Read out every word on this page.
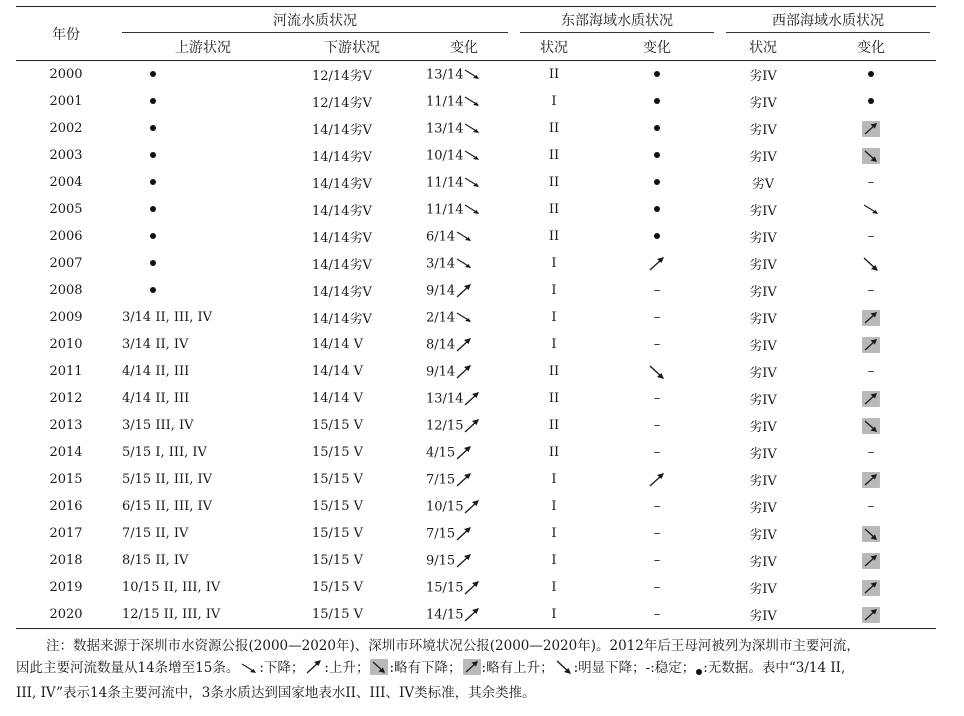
年份	河流水质状况			东部海域水质状况		西部海域水质状况	
	上游状况	下游状况	变化	状况	变化	状况	变化
2000		12/14劣V	13/14	II		劣IV	
2001		12/14劣V	11/14	I		劣IV	
2002		14/14劣V	13/14	II		劣IV	

2003		14/14劣V	10/14	II		劣IV	

2004		14/14劣V	11/14	II		劣V	–
2005		14/14劣V	11/14	II		劣IV	

2006		14/14劣V	6/14	II		劣IV	–
2007		14/14劣V	3/14	I		劣IV	

2008		14/14劣V	9/14	I	–	劣IV	–
2009	3/14 II, III, IV	14/14劣V	2/14	I	–	劣IV	

2010	3/14 II, IV	14/14 V	8/14	I	–	劣IV	

2011	4/14 II, III	14/14 V	9/14	II		劣IV	–
2012	4/14 II, III	14/14 V	13/14	II	–	劣IV	

2013	3/15 III, IV	15/15 V	12/15	II	–	劣IV	

2014	5/15 I, III, IV	15/15 V	4/15	II	–	劣IV	–
2015	5/15 II, III, IV	15/15 V	7/15	I		劣IV	

2016	6/15 II, III, IV	15/15 V	10/15	I	–	劣IV	–
2017	7/15 II, IV	15/15 V	7/15	I	–	劣IV	

2018	8/15 II, IV	15/15 V	9/15	I	–	劣IV	

2019	10/15 II, III, IV	15/15 V	15/15	I	–	劣IV	

2020	12/15 II, III, IV	15/15 V	14/15	I	–	劣IV	
注：数据来源于深圳市水资源公报(2000—2020年)、深圳市环境状况公报(2000—2020年)。2012年后王母河被列为深圳市主要河流，
因此主要河流数量从14条增至15条。 :下降； :上升； :略有下降； :略有上升； :明显下降；-:稳定； :无数据。表中“3/14 II,
III, IV”表示14条主要河流中，3条水质达到国家地表水II、III、IV类标准，其余类推。
